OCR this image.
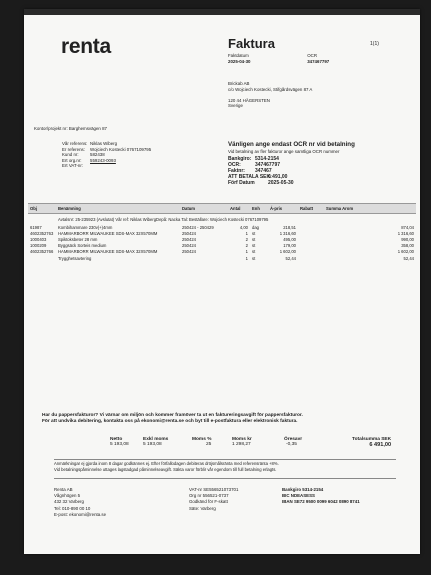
renta	Faktura	1(1)
Faktdatum	OCR
2025-04-30	347467797
Brickab AB
c/o Wojciech Kostecki, Stifgårdsvägen 87 A

120 44 HÄGERSTEN
Sverige
Kontor/projekt nr: Barghemsvägen 87
Vår referens: Niklas Wiberg
Er referens:	Wojciech Kostecki 0767109795
Kund nr:	582438
Ert org.nr:	559243-0093
Ert VAT-nr:
Vänligen ange endast OCR nr vid betalning
Vid betalning av fler fakturor ange samtliga OCR nummer
Bankgiro: 5314-2154
OCR:	347467797
Faktnr:	347467
ATT BETALA SEK:
6 491,00
Förf Datum	2025-05-30
Obj	Benämning	Datum	Antal	Enh	Á-pris	Rabatt	Summa Arom
	Avtalsnr: 25-235923 (Avslutat) Vår ref: Niklas WibergDepå: Nacka Tal: Beställare: Wojciech Kostecki 0767109795						
61987	Kombihammare 230v(+)4mm	250424 - 250429	4,00	dag	218,51		874,04
4602352763	HAMMARBORR MILWAUKEE SDS-MAX 32X570MM	250424	1	st	1 316,60		1 316,60
1000403	Spiktoksbeter 28 mm	250424	2	st	495,00		990,00
1000209	Byggsäck Sorteis medium	250424	2	st	179,00		358,00
4602352766	HAMMARBORR MILWAUKEE SDS-MAX 32X570MM	250424	1	st	1 602,00		1 602,00
	Trygghetsavtering		1	st	52,44		52,44
Har du pappersfakturor? Vi värnar om miljön och kommer framöver ta ut en faktureringsavgift för pappersfakturor.
För att undvika debitering, kontakta oss på ekonomi@renta.se och byt till e-postfaktura eller elektronisk faktura.
Netto
5 193,08
Exkl moms
5 193,08
Moms %
25
Moms kr
1 298,27
Öresavr
-0,35
Totalsumma SEK
6 491,00
Anmärkningar ej gjorda inom 8 dagar godkännes ej. Efter förfallodagen debiteras dröjsmålsränta med referensränta +8%.
Vid betalningspåminnelse uttages lagstadgad påminnelseavgift. Säkta varor förblir vår egendom till full betalning erlagts.
Renta AB
Vågnhögen 5
432 32 Varberg
Tel: 010-890 00 10
E-post: ekonomi@renta.se
VAT-nr SE556521073701
Org nr 556521-0737
Godkänd för F-skatt
Säte: Varberg
Bankgiro 5314-2154
BIC NDEASESS
IBAN SE72 9500 0099 6042 0890 8741
